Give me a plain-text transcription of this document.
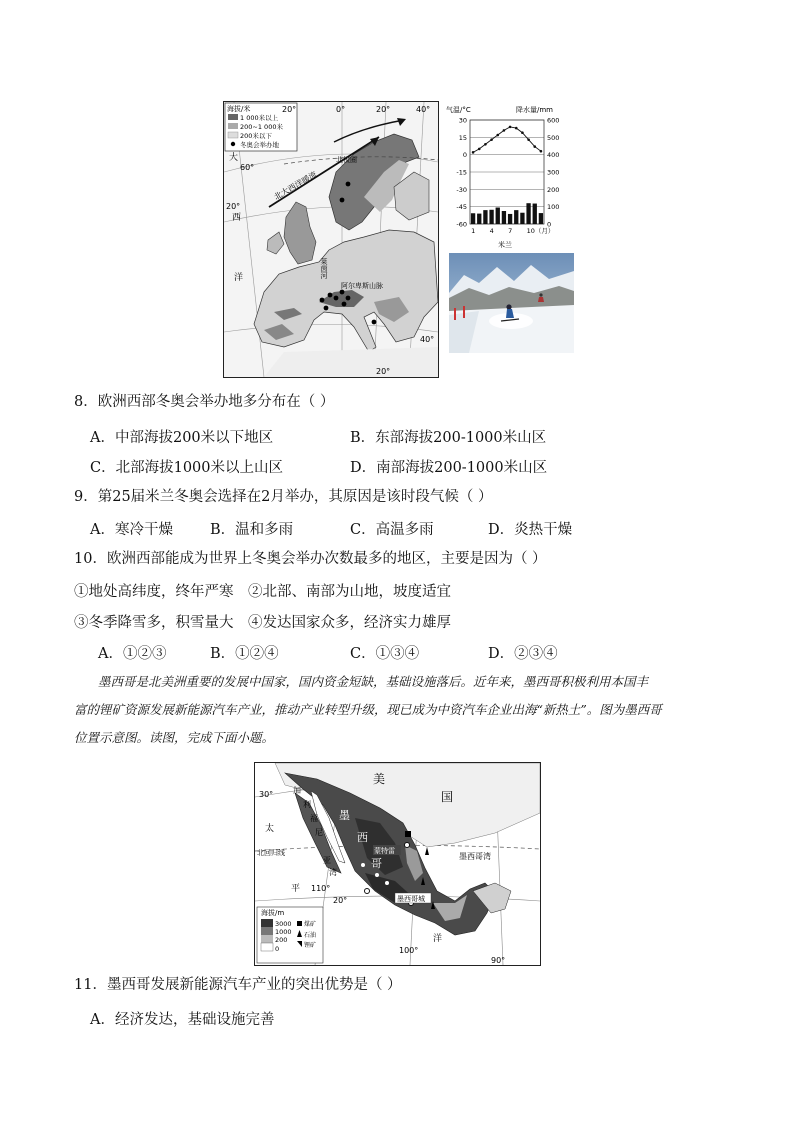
海拔/米
1 000米以上
200~1 000米
200米以下
冬奥会举办地
20°	0°	20°	40°
20°
60°
20°
40°
大
西
洋
北大西洋暖流
北极圈
莱茵河
阿尔卑斯山脉
气温/°C	降水量/mm
30
15
0
-15
-30
-45
-60
600
500
400
300
200
100
0
1 4 7 10（月）
米兰
8．欧洲西部冬奥会举办地多分布在（ ）
A．中部海拔200米以下地区	B．东部海拔200-1000米山区
C．北部海拔1000米以上山区	D．南部海拔200-1000米山区
9．第25届米兰冬奥会选择在2月举办，其原因是该时段气候（ ）
A．寒冷干燥	B．温和多雨	C．高温多雨	D．炎热干燥
10．欧洲西部能成为世界上冬奥会举办次数最多的地区，主要是因为（ ）
①地处高纬度，终年严寒　②北部、南部为山地，坡度适宜
③冬季降雪多，积雪量大　④发达国家众多，经济实力雄厚
A．①②③	B．①②④	C．①③④	D．②③④
墨西哥是北美洲重要的发展中国家，国内资金短缺，基础设施落后。近年来，墨西哥积极利用本国丰
富的锂矿资源发展新能源汽车产业，推动产业转型升级，现已成为中资汽车企业出海“新热土”。图为墨西哥
位置示意图。读图，完成下面小题。
美
国
墨
西
哥
加
利
福
尼
亚
湾
太
平
洋
墨西哥湾
北回归线
30°
20°
110°
100°
90°
蒙特雷
特基拉
墨西哥城
海拔/m
3000
1000
200
0
煤矿
石油
锂矿
11．墨西哥发展新能源汽车产业的突出优势是（ ）
A．经济发达，基础设施完善
